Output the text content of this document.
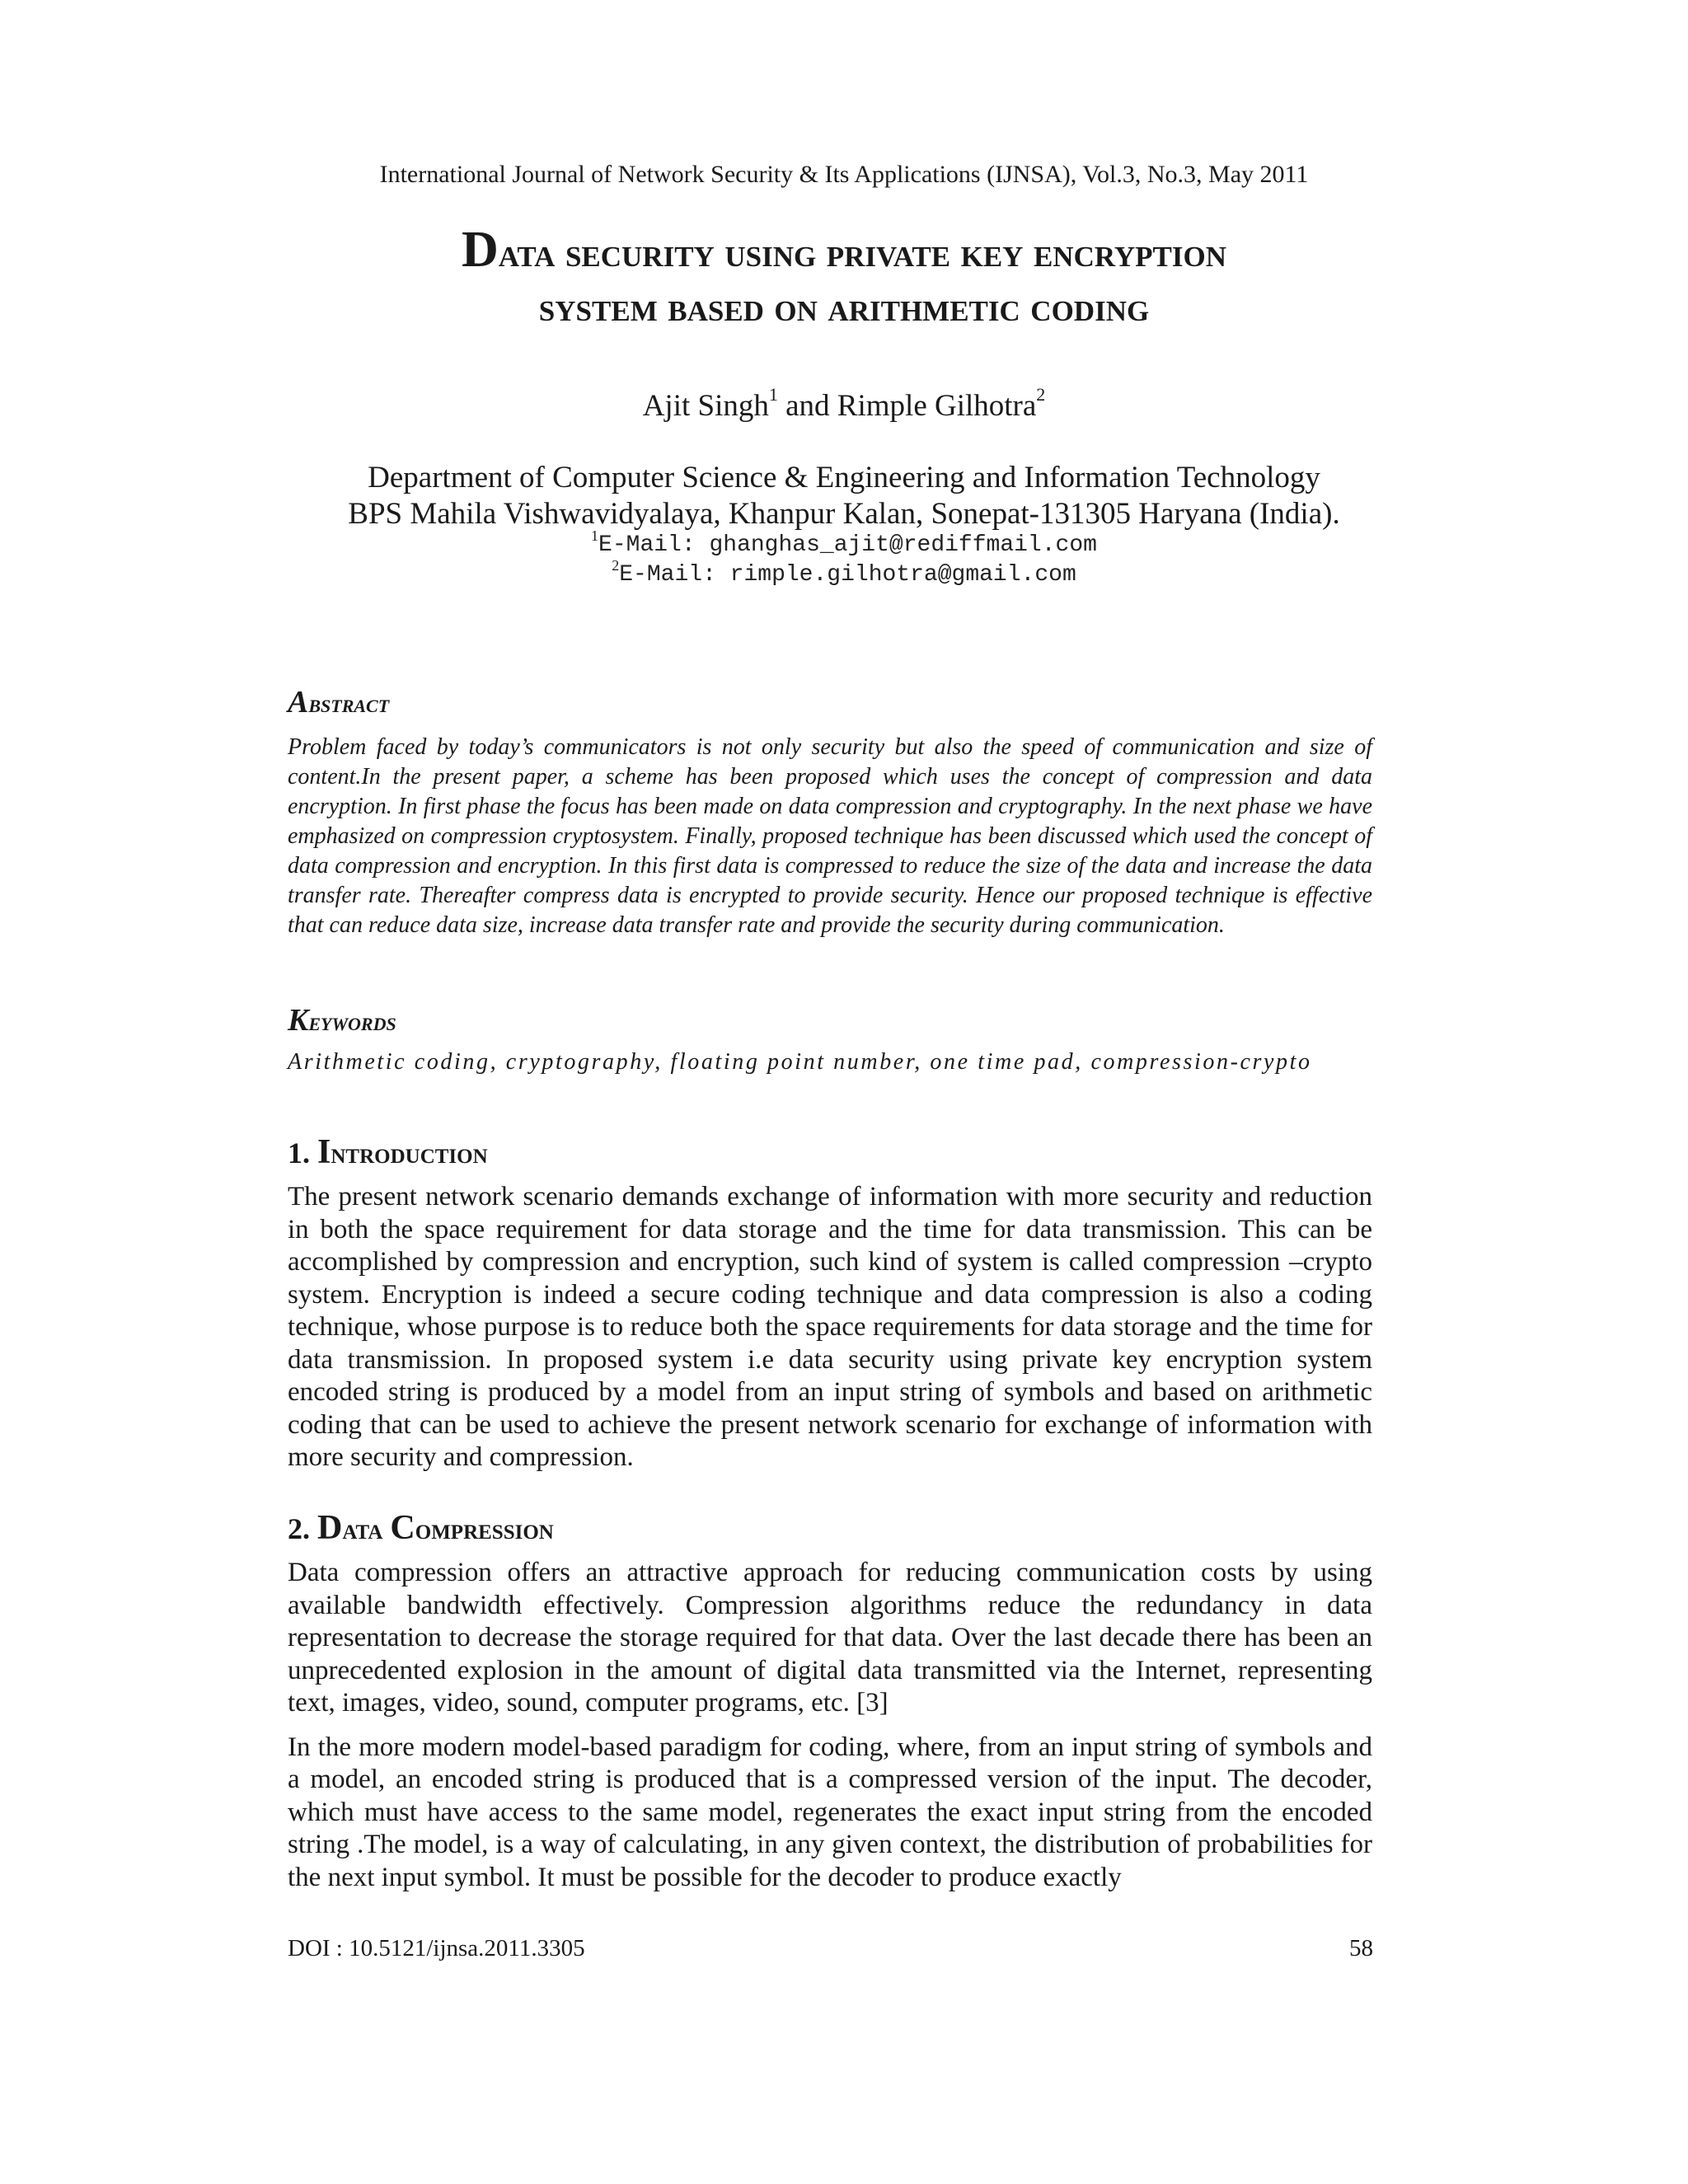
International Journal of Network Security & Its Applications (IJNSA), Vol.3, No.3, May 2011
Data security using private key encryption
system based on arithmetic coding
Ajit Singh$^1$ and Rimple Gilhotra$^2$
Department of Computer Science & Engineering and Information Technology
BPS Mahila Vishwavidyalaya, Khanpur Kalan, Sonepat-131305 Haryana (India).
$^1$E-Mail: ghanghas_ajit@rediffmail.com
$^2$E-Mail: rimple.gilhotra@gmail.com
Abstract

Problem faced by today’s communicators is not only security but also the speed of communication and size of content.In the present paper, a scheme has been proposed which uses the concept of compression and data encryption. In first phase the focus has been made on data compression and cryptography. In the next phase we have emphasized on compression cryptosystem. Finally, proposed technique has been discussed which used the concept of data compression and encryption. In this first data is compressed to reduce the size of the data and increase the data transfer rate. Thereafter compress data is encrypted to provide security. Hence our proposed technique is effective that can reduce data size, increase data transfer rate and provide the security during communication.

Keywords

Arithmetic coding, cryptography, floating point number, one time pad, compression-crypto

1. Introduction

The present network scenario demands exchange of information with more security and reduction in both the space requirement for data storage and the time for data transmission. This can be accomplished by compression and encryption, such kind of system is called compression –crypto system. Encryption is indeed a secure coding technique and data compression is also a coding technique, whose purpose is to reduce both the space requirements for data storage and the time for data transmission. In proposed system i.e data security using private key encryption system encoded string is produced by a model from an input string of symbols and based on arithmetic coding that can be used to achieve the present network scenario for exchange of information with more security and compression.

2. Data Compression

Data compression offers an attractive approach for reducing communication costs by using available bandwidth effectively. Compression algorithms reduce the redundancy in data representation to decrease the storage required for that data. Over the last decade there has been an unprecedented explosion in the amount of digital data transmitted via the Internet, representing text, images, video, sound, computer programs, etc. [3]

In the more modern model-based paradigm for coding, where, from an input string of symbols and a model, an encoded string is produced that is a compressed version of the input. The decoder, which must have access to the same model, regenerates the exact input string from the encoded string .The model, is a way of calculating, in any given context, the distribution of probabilities for the next input symbol. It must be possible for the decoder to produce exactly

DOI : 10.5121/ijnsa.2011.3305	58
